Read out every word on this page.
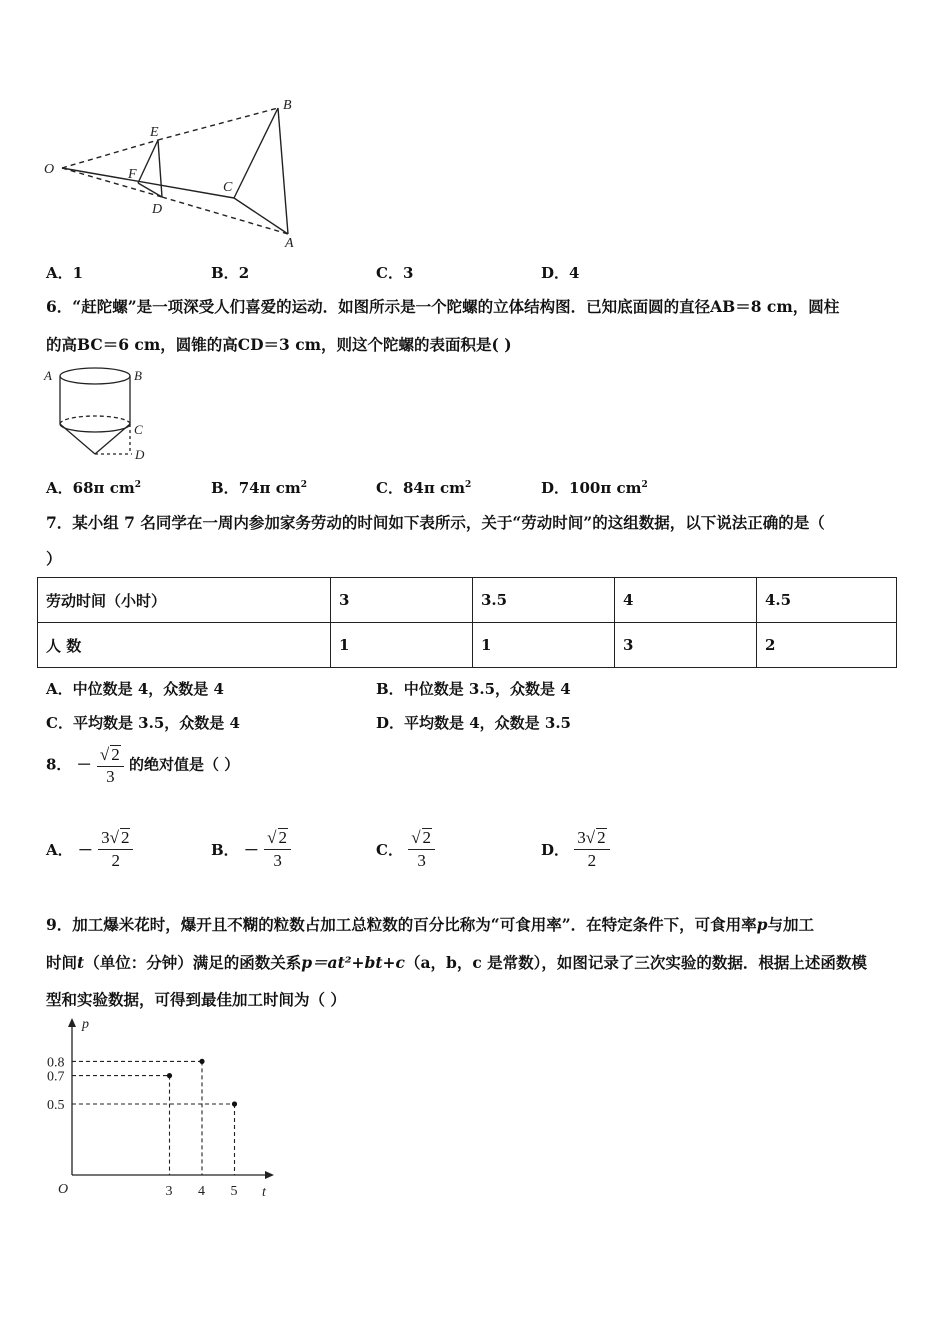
O
E
F
D
C
B
A
A．1	B．2	C．3	D．4
6．“赶陀螺”是一项深受人们喜爱的运动．如图所示是一个陀螺的立体结构图．已知底面圆的直径AB＝8 cm，圆柱
的高BC＝6 cm，圆锥的高CD＝3 cm，则这个陀螺的表面积是( )
A	B
C
D
A．68π $cm^2$	B．74π $cm^2$	C．84π $cm^2$	D．100π $cm^2$
7．某小组 7 名同学在一周内参加家务劳动的时间如下表所示，关于“劳动时间”的这组数据，以下说法正确的是（
）
劳动时间（小时）	3	3.5	4	4.5
人 数	1	1	3	2
A．中位数是 4，众数是 4	B．中位数是 3.5，众数是 4
C．平均数是 3.5，众数是 4	D．平均数是 4，众数是 3.5
8． － $\frac{√ 2}{3}$ 的绝对值是（ ）
A． － $\frac{3√ 2}{2}$	B． － $\frac{√ 2}{3}$	C． $\frac{√ 2}{3}$	D． $\frac{3√ 2}{2}$
9．加工爆米花时，爆开且不糊的粒数占加工总粒数的百分比称为“可食用率”．在特定条件下，可食用率p与加工
时间t（单位：分钟）满足的函数关系p＝at²+bt+c（a，b，c 是常数），如图记录了三次实验的数据．根据上述函数模
型和实验数据，可得到最佳加工时间为（ ）
3 4 5
0.8
0.7
0.5
p
t
O
